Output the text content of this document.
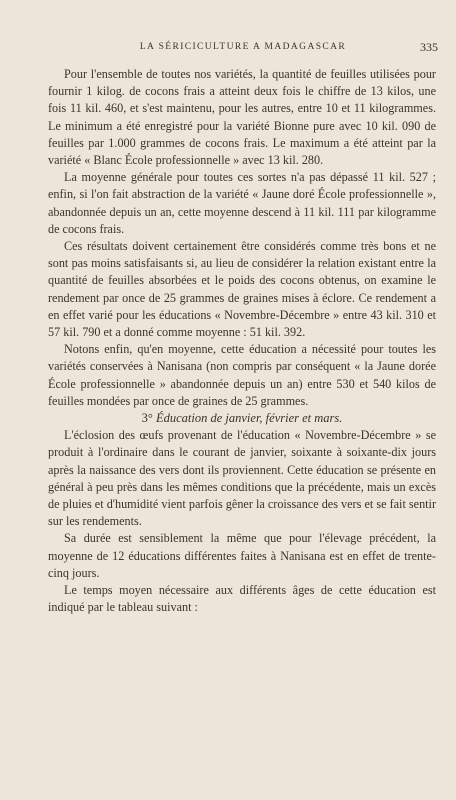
LA SÉRICICULTURE A MADAGASCAR	335

Pour l'ensemble de toutes nos variétés, la quantité de feuilles utilisées pour fournir 1 kilog. de cocons frais a atteint deux fois le chiffre de 13 kilos, une fois 11 kil. 460, et s'est maintenu, pour les autres, entre 10 et 11 kilogrammes. Le minimum a été enregistré pour la variété Bionne pure avec 10 kil. 090 de feuilles par 1.000 grammes de cocons frais. Le maximum a été atteint par la variété « Blanc École professionnelle » avec 13 kil. 280.

La moyenne générale pour toutes ces sortes n'a pas dépassé 11 kil. 527 ; enfin, si l'on fait abstraction de la variété « Jaune doré École professionnelle », abandonnée depuis un an, cette moyenne descend à 11 kil. 111 par kilogramme de cocons frais.

Ces résultats doivent certainement être considérés comme très bons et ne sont pas moins satisfaisants si, au lieu de considérer la relation existant entre la quantité de feuilles absorbées et le poids des cocons obtenus, on examine le rendement par once de 25 grammes de graines mises à éclore. Ce rendement a en effet varié pour les éducations « Novembre-Décembre » entre 43 kil. 310 et 57 kil. 790 et a donné comme moyenne : 51 kil. 392.

Notons enfin, qu'en moyenne, cette éducation a nécessité pour toutes les variétés conservées à Nanisana (non compris par conséquent « la Jaune dorée École professionnelle » abandonnée depuis un an) entre 530 et 540 kilos de feuilles mondées par once de graines de 25 grammes.

3° Éducation de janvier, février et mars.

L'éclosion des œufs provenant de l'éducation « Novembre-Décembre » se produit à l'ordinaire dans le courant de janvier, soixante à soixante-dix jours après la naissance des vers dont ils proviennent. Cette éducation se présente en général à peu près dans les mêmes conditions que la précédente, mais un excès de pluies et d'humidité vient parfois gêner la croissance des vers et se fait sentir sur les rendements.

Sa durée est sensiblement la même que pour l'élevage précédent, la moyenne de 12 éducations différentes faites à Nanisana est en effet de trente-cinq jours.

Le temps moyen nécessaire aux différents âges de cette éducation est indiqué par le tableau suivant :
